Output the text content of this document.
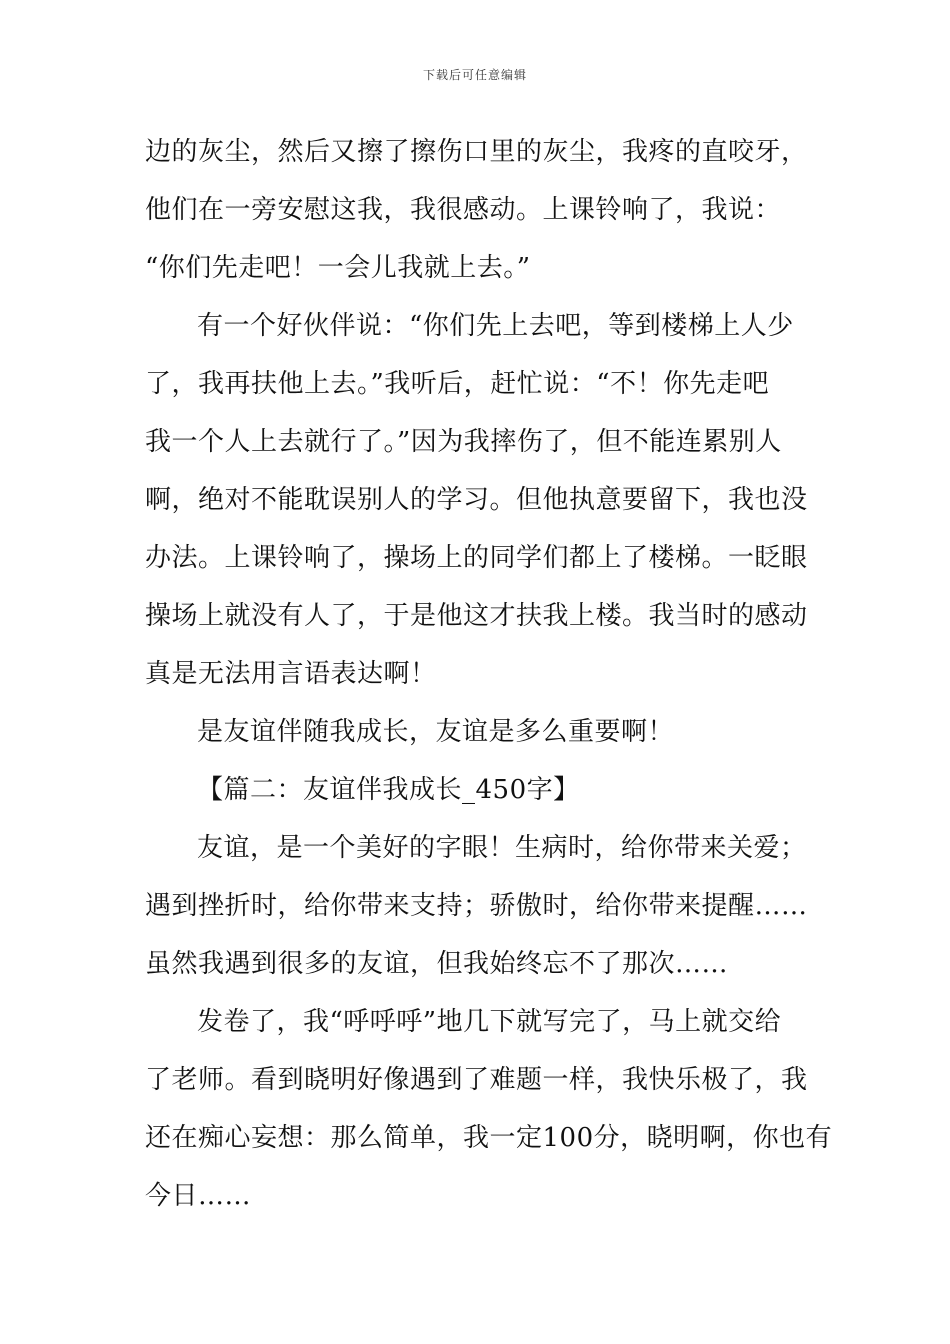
下载后可任意编辑
边的灰尘，然后又擦了擦伤口里的灰尘，我疼的直咬牙，
他们在一旁安慰这我，我很感动。上课铃响了，我说：
“你们先走吧！一会儿我就上去。”
有一个好伙伴说：“你们先上去吧，等到楼梯上人少
了，我再扶他上去。”我听后，赶忙说：“不！你先走吧
我一个人上去就行了。”因为我摔伤了，但不能连累别人
啊，绝对不能耽误别人的学习。但他执意要留下，我也没
办法。上课铃响了，操场上的同学们都上了楼梯。一眨眼
操场上就没有人了，于是他这才扶我上楼。我当时的感动
真是无法用言语表达啊！
是友谊伴随我成长，友谊是多么重要啊！
【篇二：友谊伴我成长_450字】
友谊，是一个美好的字眼！生病时，给你带来关爱；
遇到挫折时，给你带来支持；骄傲时，给你带来提醒……
虽然我遇到很多的友谊，但我始终忘不了那次……
发卷了，我“呼呼呼”地几下就写完了，马上就交给
了老师。看到晓明好像遇到了难题一样，我快乐极了，我
还在痴心妄想：那么简单，我一定100分，晓明啊，你也有
今日……
